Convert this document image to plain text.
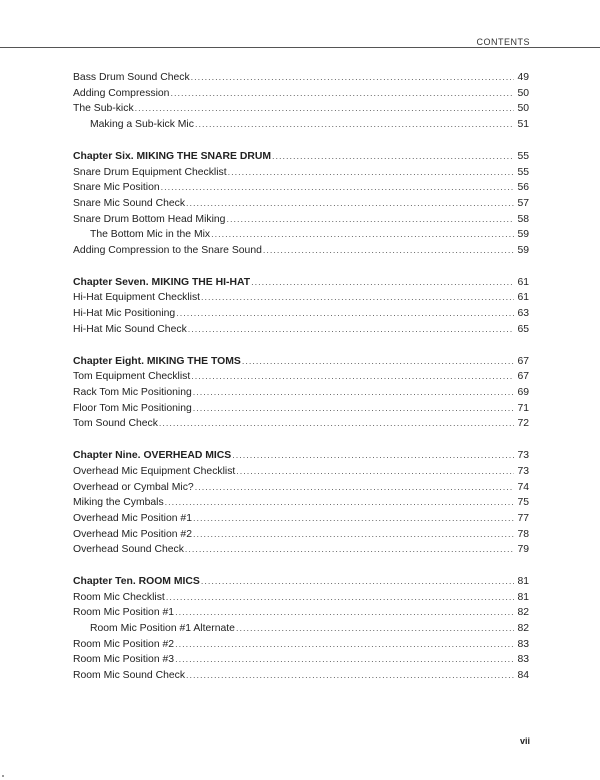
CONTENTS
Bass Drum Sound Check .....	49
Adding Compression .....	50
The Sub-kick .....	50
Making a Sub-kick Mic .....	51
Chapter Six. MIKING THE SNARE DRUM .....	55
Snare Drum Equipment Checklist .....	55
Snare Mic Position .....	56
Snare Mic Sound Check .....	57
Snare Drum Bottom Head Miking .....	58
The Bottom Mic in the Mix .....	59
Adding Compression to the Snare Sound .....	59
Chapter Seven. MIKING THE HI-HAT .....	61
Hi-Hat Equipment Checklist .....	61
Hi-Hat Mic Positioning .....	63
Hi-Hat Mic Sound Check .....	65
Chapter Eight. MIKING THE TOMS .....	67
Tom Equipment Checklist .....	67
Rack Tom Mic Positioning .....	69
Floor Tom Mic Positioning .....	71
Tom Sound Check .....	72
Chapter Nine. OVERHEAD MICS .....	73
Overhead Mic Equipment Checklist .....	73
Overhead or Cymbal Mic? .....	74
Miking the Cymbals .....	75
Overhead Mic Position #1 .....	77
Overhead Mic Position #2 .....	78
Overhead Sound Check .....	79
Chapter Ten. ROOM MICS .....	81
Room Mic Checklist .....	81
Room Mic Position #1 .....	82
Room Mic Position #1 Alternate .....	82
Room Mic Position #2 .....	83
Room Mic Position #3 .....	83
Room Mic Sound Check .....	84
vii
